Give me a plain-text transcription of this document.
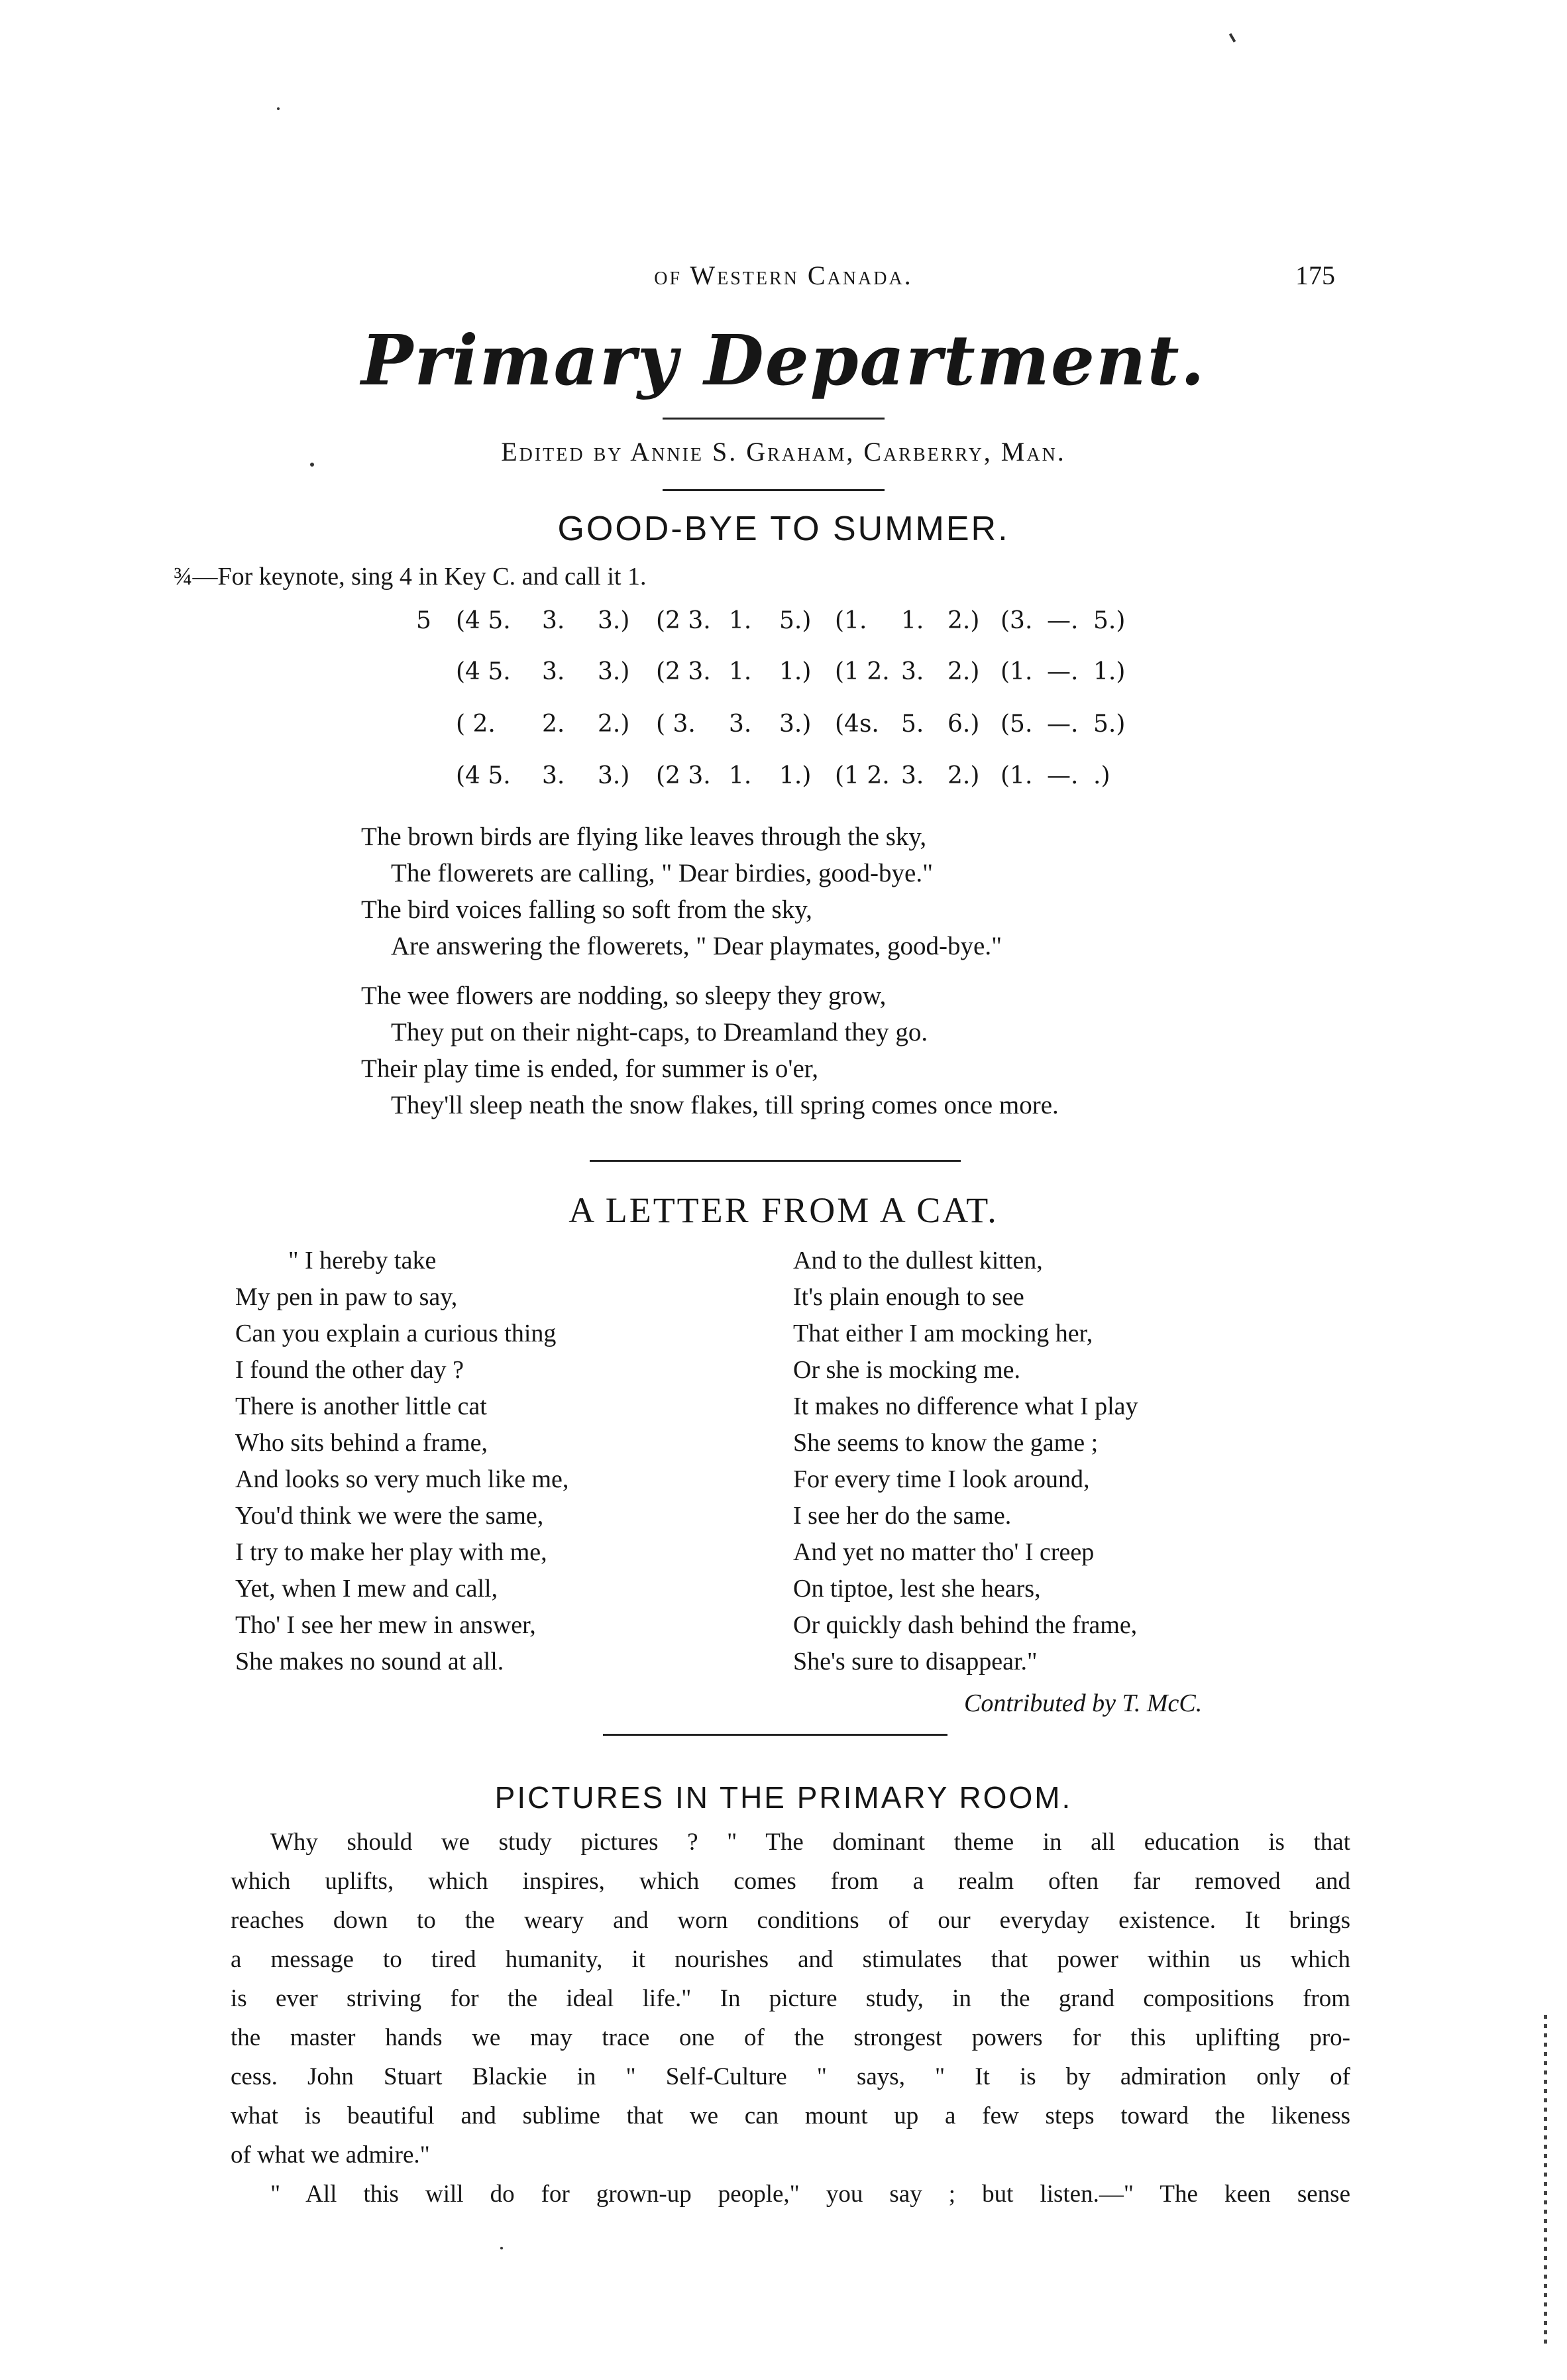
of Western Canada.	175
Primary Department.
Edited by Annie S. Graham, Carberry, Man.
GOOD-BYE TO SUMMER.
¾—For keynote, sing 4 in Key C. and call it 1.
5 (4 5. 3. 3.) (2 3. 1. 5.) (1. 1. 2.) (3. —. 5.)
(4 5. 3. 3.) (2 3. 1. 1.) (1 2. 3. 2.) (1. —. 1.)
( 2. 2. 2.) ( 3. 3. 3.) (4s. 5. 6.) (5. —. 5.)
(4 5. 3. 3.) (2 3. 1. 1.) (1 2. 3. 2.) (1. —. .)
The brown birds are flying like leaves through the sky,
The flowerets are calling, " Dear birdies, good-bye."
The bird voices falling so soft from the sky,
Are answering the flowerets, " Dear playmates, good-bye."
The wee flowers are nodding, so sleepy they grow,
They put on their night-caps, to Dreamland they go.
Their play time is ended, for summer is o'er,
They'll sleep neath the snow flakes, till spring comes once more.
A LETTER FROM A CAT.
" I hereby take
My pen in paw to say,
Can you explain a curious thing
I found the other day ?
There is another little cat
Who sits behind a frame,
And looks so very much like me,
You'd think we were the same,
I try to make her play with me,
Yet, when I mew and call,
Tho' I see her mew in answer,
She makes no sound at all.
And to the dullest kitten,
It's plain enough to see
That either I am mocking her,
Or she is mocking me.
It makes no difference what I play
She seems to know the game ;
For every time I look around,
I see her do the same.
And yet no matter tho' I creep
On tiptoe, lest she hears,
Or quickly dash behind the frame,
She's sure to disappear."
Contributed by T. McC.
PICTURES IN THE PRIMARY ROOM.
Why should we study pictures ? " The dominant theme in all education is that
which uplifts, which inspires, which comes from a realm often far removed and
reaches down to the weary and worn conditions of our everyday existence. It brings
a message to tired humanity, it nourishes and stimulates that power within us which
is ever striving for the ideal life." In picture study, in the grand compositions from
the master hands we may trace one of the strongest powers for this uplifting pro-
cess. John Stuart Blackie in " Self-Culture " says, " It is by admiration only of
what is beautiful and sublime that we can mount up a few steps toward the likeness
of what we admire."
" All this will do for grown-up people," you say ; but listen.—" The keen sense
